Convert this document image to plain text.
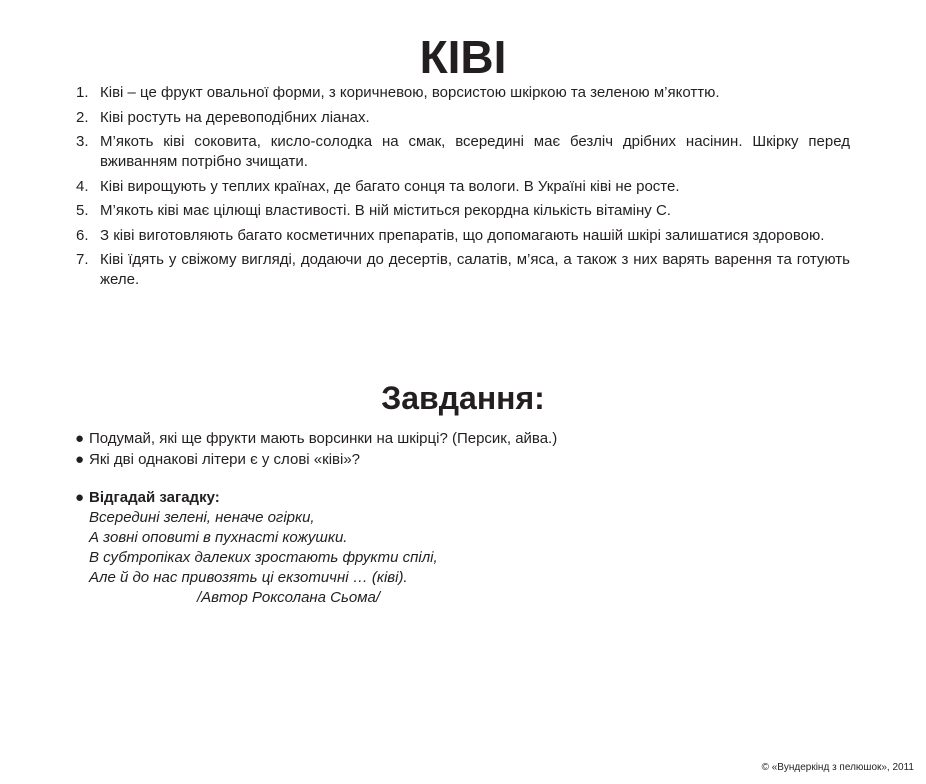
КІВІ
1. Ківі – це фрукт овальної форми, з коричневою, ворсистою шкіркою та зеленою м’якоттю.
2. Ківі ростуть на деревоподібних ліанах.
3. М’якоть ківі соковита, кисло-солодка на смак, всередині має безліч дрібних насінин. Шкірку перед вживанням потрібно зчищати.
4. Ківі вирощують у теплих країнах, де багато сонця та вологи. В Україні ківі не росте.
5. М’якоть ківі має цілющі властивості. В ній міститься рекордна кількість вітаміну С.
6. З ківі виготовляють багато косметичних препаратів, що допомагають нашій шкірі залишатися здоровою.
7. Ківі їдять у свіжому вигляді, додаючи до десертів, салатів, м’яса, а також з них варять варення та готують желе.
Завдання:
● Подумай, які ще фрукти мають ворсинки на шкірці? (Персик, айва.)
● Які дві однакові літери є у слові «ківі»?
● Відгадай загадку:
Всередині зелені, неначе огірки,
А зовні оповиті в пухнасті кожушки.
В субтропіках далеких зростають фрукти спілі,
Але й до нас привозять ці екзотичні … (ківі).
/Автор Роксолана Сьома/
© «Вундеркінд з пелюшок», 2011
